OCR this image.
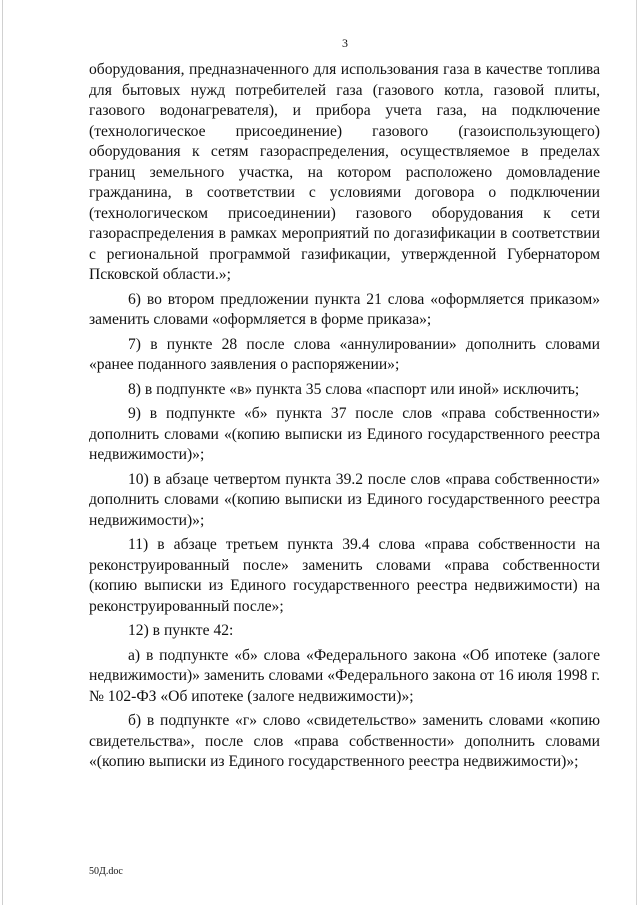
3

оборудования, предназначенного для использования газа в качестве топлива для бытовых нужд потребителей газа (газового котла, газовой плиты, газового водонагревателя), и прибора учета газа, на подключение (технологическое присоединение) газового (газоиспользующего) оборудования к сетям газораспределения, осуществляемое в пределах границ земельного участка, на котором расположено домовладение гражданина, в соответствии с условиями договора о подключении (технологическом присоединении) газового оборудования к сети газораспределения в рамках мероприятий по догазификации в соответствии с региональной программой газификации, утвержденной Губернатором Псковской области.»;

6) во втором предложении пункта 21 слова «оформляется приказом» заменить словами «оформляется в форме приказа»;

7) в пункте 28 после слова «аннулировании» дополнить словами «ранее поданного заявления о распоряжении»;

8) в подпункте «в» пункта 35 слова «паспорт или иной» исключить;

9) в подпункте «б» пункта 37 после слов «права собственности» дополнить словами «(копию выписки из Единого государственного реестра недвижимости)»;

10) в абзаце четвертом пункта 39.2 после слов «права собственности» дополнить словами «(копию выписки из Единого государственного реестра недвижимости)»;

11) в абзаце третьем пункта 39.4 слова «права собственности на реконструированный после» заменить словами «права собственности (копию выписки из Единого государственного реестра недвижимости) на реконструированный после»;

12) в пункте 42:

а) в подпункте «б» слова «Федерального закона «Об ипотеке (залоге недвижимости)» заменить словами «Федерального закона от 16 июля 1998 г. № 102-ФЗ «Об ипотеке (залоге недвижимости)»;

б) в подпункте «г» слово «свидетельство» заменить словами «копию свидетельства», после слов «права собственности» дополнить словами «(копию выписки из Единого государственного реестра недвижимости)»;

50Д.doc
